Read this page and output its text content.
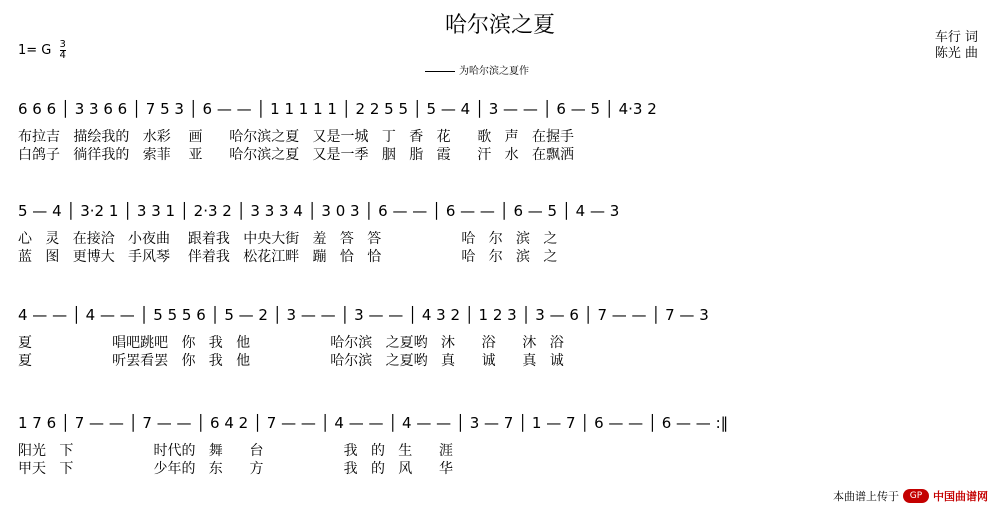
哈尔滨之夏
1= G $\frac{3}{4}$
车行 词
陈光 曲
为哈尔滨之夏作
6 6 6 │ 3 3 6 6 │ 7 5 3 │ 6 — — │ 1 1 1 1 1 │ 2 2 5 5 │ 5 — 4 │ 3 — — │ 6 — 5 │ 4·3 2
布拉吉   描绘我的   水彩    画      哈尔滨之夏   又是一城   丁   香   花      歌   声   在握手
白鸽子   徜徉我的   索菲    亚      哈尔滨之夏   又是一季   胭   脂   霞      汗   水   在飘洒
5 — 4 │ 3·2 1 │ 3 3 1 │ 2·3 2 │ 3 3 3 4 │ 3 0 3 │ 6 — — │ 6 — — │ 6 — 5 │ 4 — 3
心   灵   在接洽   小夜曲    跟着我   中央大街   羞   答   答                  哈   尔   滨   之
蓝   图   更博大   手风琴    伴着我   松花江畔   蹦   恰   恰                  哈   尔   滨   之
4 — — │ 4 — — │ 5 5 5 6 │ 5 — 2 │ 3 — — │ 3 — — │ 4 3 2 │ 1 2 3 │ 3 — 6 │ 7 — — │ 7 — 3
夏                  唱吧跳吧   你   我   他                  哈尔滨   之夏哟   沐      浴      沐   浴
夏                  听罢看罢   你   我   他                  哈尔滨   之夏哟   真      诚      真   诚
1 7 6 │ 7 — — │ 7 — — │ 6 4 2 │ 7 — — │ 4 — — │ 4 — — │ 3 — 7 │ 1 — 7 │ 6 — — │ 6 — — :‖
阳光   下                  时代的   舞      台                  我   的   生      涯
甲天   下                  少年的   东      方                  我   的   风      华
本曲谱上传于	GP 中国曲谱网
